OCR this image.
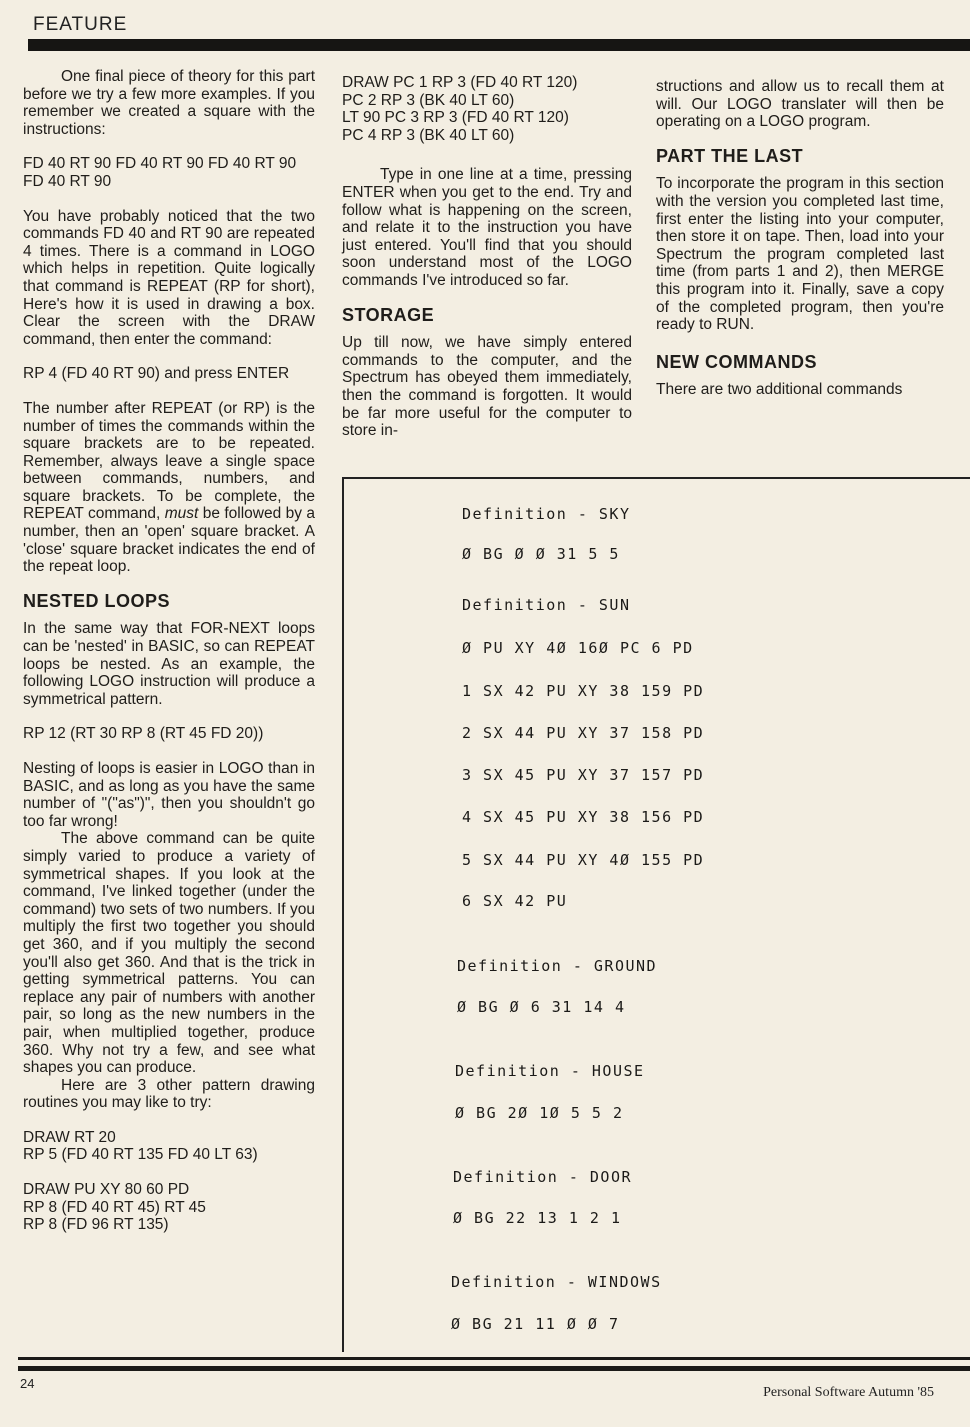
FEATURE

One final piece of theory for this part before we try a few more examples. If you remember we created a square with the instructions:

FD 40 RT 90 FD 40 RT 90 FD 40 RT 90 FD 40 RT 90

You have probably noticed that the two commands FD 40 and RT 90 are repeated 4 times. There is a command in LOGO which helps in repetition. Quite logically that command is REPEAT (RP for short), Here's how it is used in drawing a box. Clear the screen with the DRAW command, then enter the command:

RP 4 (FD 40 RT 90) and press ENTER

The number after REPEAT (or RP) is the number of times the commands within the square brackets are to be repeated. Remember, always leave a single space between commands, numbers, and square brackets. To be complete, the REPEAT command, must be followed by a number, then an 'open' square bracket. A 'close' square bracket indicates the end of the repeat loop.

NESTED LOOPS

In the same way that FOR-NEXT loops can be 'nested' in BASIC, so can REPEAT loops be nested. As an example, the following LOGO instruction will produce a symmetrical pattern.

RP 12 (RT 30 RP 8 (RT 45 FD 20))

Nesting of loops is easier in LOGO than in BASIC, and as long as you have the same number of "("as")", then you shouldn't go too far wrong!

The above command can be quite simply varied to produce a variety of symmetrical shapes. If you look at the command, I've linked together (under the command) two sets of two numbers. If you multiply the first two together you should get 360, and if you multiply the second you'll also get 360. And that is the trick in getting symmetrical patterns. You can replace any pair of numbers with another pair, so long as the new numbers in the pair, when multiplied together, produce 360. Why not try a few, and see what shapes you can produce.

Here are 3 other pattern drawing routines you may like to try:

DRAW RT 20
RP 5 (FD 40 RT 135 FD 40 LT 63)

DRAW PU XY 80 60 PD
RP 8 (FD 40 RT 45) RT 45
RP 8 (FD 96 RT 135)

DRAW PC 1 RP 3 (FD 40 RT 120)
PC 2 RP 3 (BK 40 LT 60)
LT 90 PC 3 RP 3 (FD 40 RT 120)
PC 4 RP 3 (BK 40 LT 60)

Type in one line at a time, pressing ENTER when you get to the end. Try and follow what is happening on the screen, and relate it to the instruction you have just entered. You'll find that you should soon understand most of the LOGO commands I've introduced so far.

STORAGE

Up till now, we have simply entered commands to the computer, and the Spectrum has obeyed them immediately, then the command is forgotten. It would be far more useful for the computer to store in-

structions and allow us to recall them at will. Our LOGO translater will then be operating on a LOGO program.

PART THE LAST

To incorporate the program in this section with the version you completed last time, first enter the listing into your computer, then store it on tape. Then, load into your Spectrum the program completed last time (from parts 1 and 2), then MERGE this program into it. Finally, save a copy of the completed program, then you're ready to RUN.

NEW COMMANDS

There are two additional commands

Definition - SKY
Ø BG Ø Ø 31 5 5
Definition - SUN
Ø PU XY 4Ø 16Ø PC 6 PD
1 SX 42 PU XY 38 159 PD
2 SX 44 PU XY 37 158 PD
3 SX 45 PU XY 37 157 PD
4 SX 45 PU XY 38 156 PD
5 SX 44 PU XY 4Ø 155 PD
6 SX 42 PU
Definition - GROUND
Ø BG Ø 6 31 14 4
Definition - HOUSE
Ø BG 2Ø 1Ø 5 5 2
Definition - DOOR
Ø BG 22 13 1 2 1
Definition - WINDOWS
Ø BG 21 11 Ø Ø 7
24
Personal Software Autumn '85
